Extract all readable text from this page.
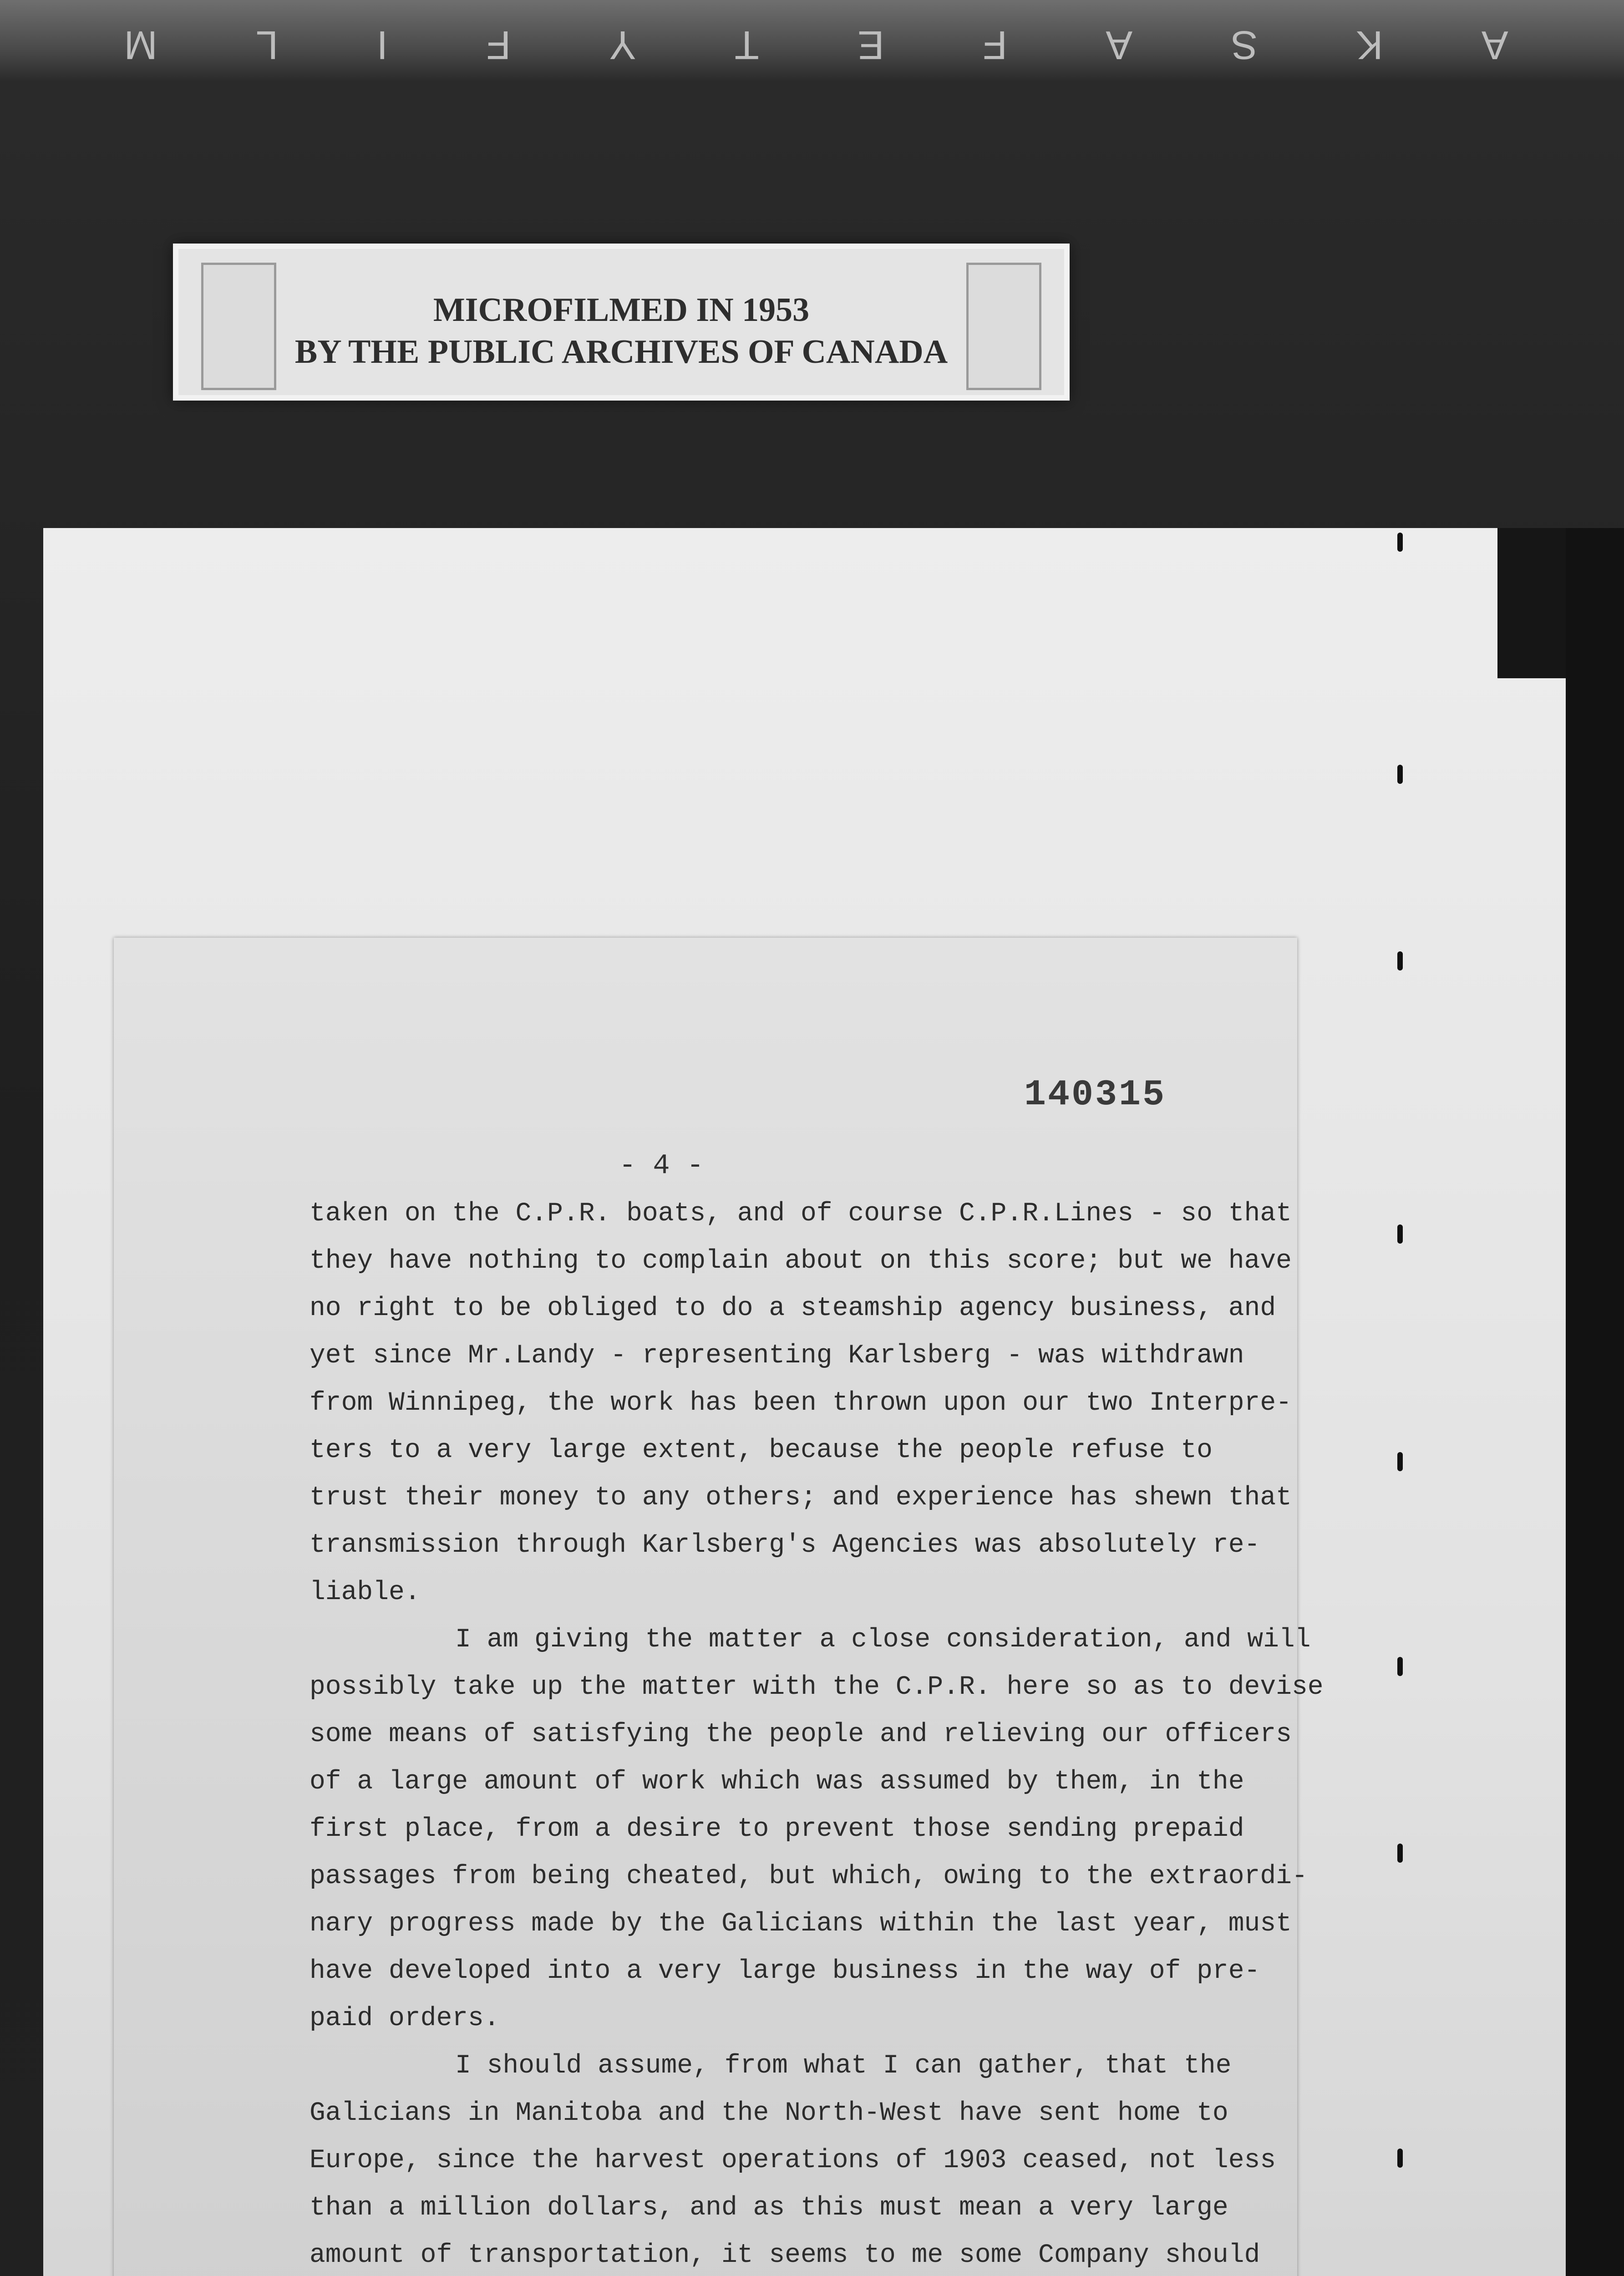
A K S A F E T Y F I L M
MICROFILMED IN 1953
BY THE PUBLIC ARCHIVES OF CANADA
140315
- 4 -

taken on the C.P.R. boats, and of course C.P.R.Lines - so that
they have nothing to complain about on this score; but we have
no right to be obliged to do a steamship agency business, and
yet since Mr.Landy - representing Karlsberg - was withdrawn
from Winnipeg, the work has been thrown upon our two Interpre-
ters to a very large extent, because the people refuse to
trust their money to any others; and experience has shewn that
transmission through Karlsberg's Agencies was absolutely re-
liable.

I am giving the matter a close consideration, and will
possibly take up the matter with the C.P.R. here so as to devise
some means of satisfying the people and relieving our officers
of a large amount of work which was assumed by them, in the
first place, from a desire to prevent those sending prepaid
passages from being cheated, but which, owing to the extraordi-
nary progress made by the Galicians within the last year, must
have developed into a very large business in the way of pre-
paid orders.

I should assume, from what I can gather, that the
Galicians in Manitoba and the North-West have sent home to
Europe, since the harvest operations of 1903 ceased, not less
than a million dollars, and as this must mean a very large
amount of transportation, it seems to me some Company should
